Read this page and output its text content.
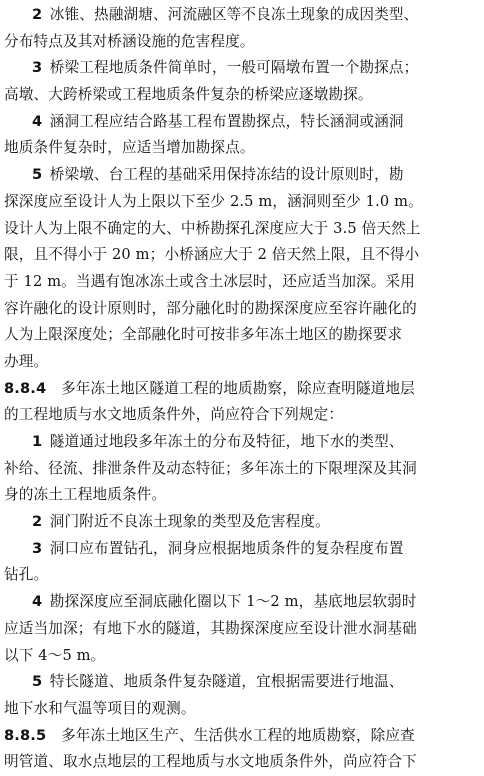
2  冰锥、热融湖塘、河流融区等不良冻土现象的成因类型、
分布特点及其对桥涵设施的危害程度。
3  桥梁工程地质条件简单时，一般可隔墩布置一个勘探点；
高墩、大跨桥梁或工程地质条件复杂的桥梁应逐墩勘探。
4  涵洞工程应结合路基工程布置勘探点，特长涵洞或涵洞
地质条件复杂时，应适当增加勘探点。
5  桥梁墩、台工程的基础采用保持冻结的设计原则时，勘
探深度应至设计人为上限以下至少 2.5 m，涵洞则至少 1.0 m。
设计人为上限不确定的大、中桥勘探孔深度应大于 3.5 倍天然上
限，且不得小于 20 m；小桥涵应大于 2 倍天然上限，且不得小
于 12 m。当遇有饱冰冻土或含土冰层时，还应适当加深。采用
容许融化的设计原则时，部分融化时的勘探深度应至容许融化的
人为上限深度处；全部融化时可按非多年冻土地区的勘探要求
办理。
8.8.4  多年冻土地区隧道工程的地质勘察，除应查明隧道地层
的工程地质与水文地质条件外，尚应符合下列规定：
1  隧道通过地段多年冻土的分布及特征，地下水的类型、
补给、径流、排泄条件及动态特征；多年冻土的下限埋深及其洞
身的冻土工程地质条件。
2  洞门附近不良冻土现象的类型及危害程度。
3  洞口应布置钻孔，洞身应根据地质条件的复杂程度布置
钻孔。
4  勘探深度应至洞底融化圈以下 1～2 m，基底地层软弱时
应适当加深；有地下水的隧道，其勘探深度应至设计泄水洞基础
以下 4～5 m。
5  特长隧道、地质条件复杂隧道，宜根据需要进行地温、
地下水和气温等项目的观测。
8.8.5  多年冻土地区生产、生活供水工程的地质勘察，除应查
明管道、取水点地层的工程地质与水文地质条件外，尚应符合下
